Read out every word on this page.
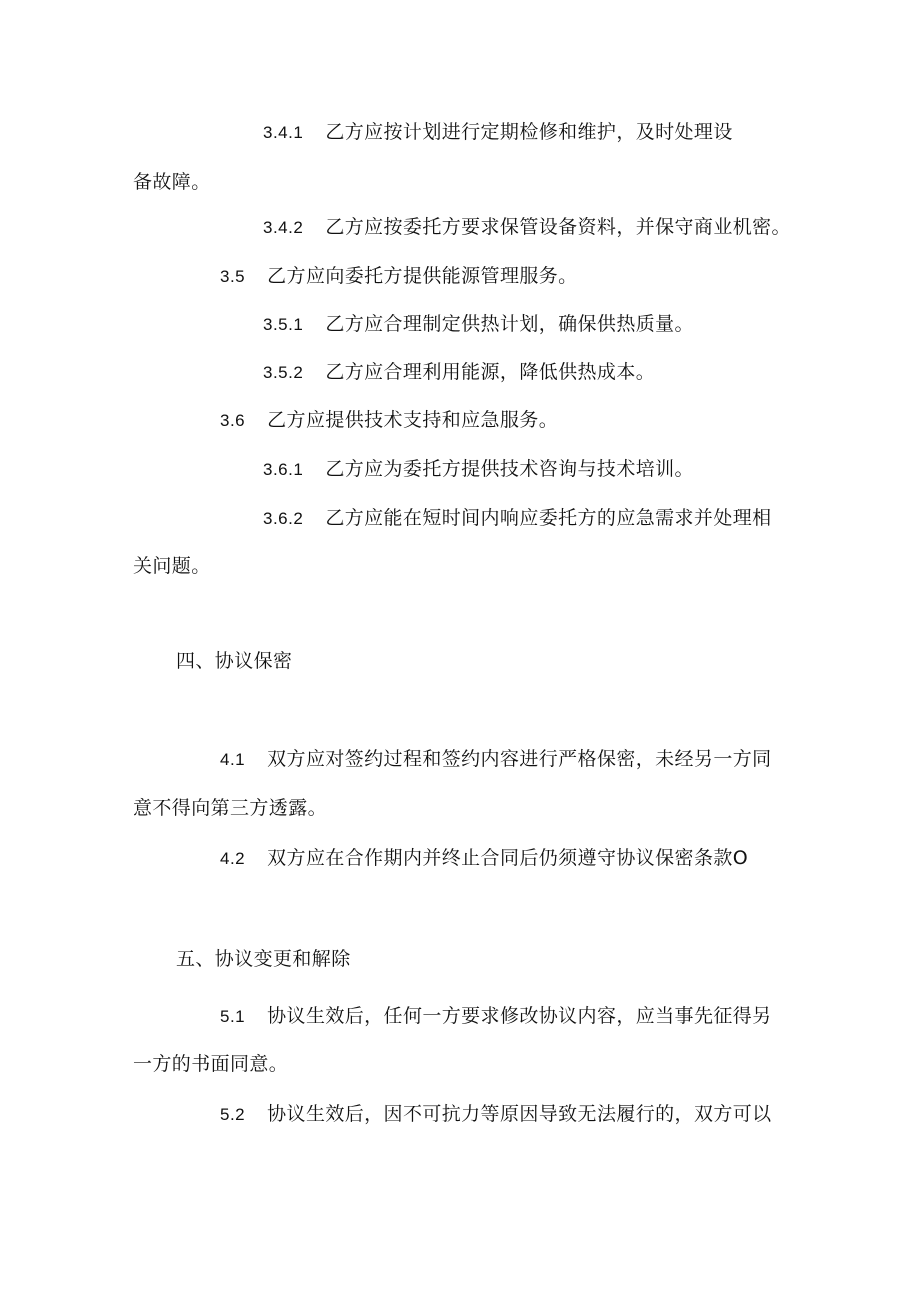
3.4.1 乙方应按计划进行定期检修和维护，及时处理设
备故障。
3.4.2 乙方应按委托方要求保管设备资料，并保守商业机密。
3.5 乙方应向委托方提供能源管理服务。
3.5.1 乙方应合理制定供热计划，确保供热质量。
3.5.2 乙方应合理利用能源，降低供热成本。
3.6 乙方应提供技术支持和应急服务。
3.6.1 乙方应为委托方提供技术咨询与技术培训。
3.6.2 乙方应能在短时间内响应委托方的应急需求并处理相
关问题。
四、协议保密
4.1 双方应对签约过程和签约内容进行严格保密，未经另一方同
意不得向第三方透露。
4.2 双方应在合作期内并终止合同后仍须遵守协议保密条款O
五、协议变更和解除
5.1 协议生效后，任何一方要求修改协议内容，应当事先征得另
一方的书面同意。
5.2 协议生效后，因不可抗力等原因导致无法履行的，双方可以
